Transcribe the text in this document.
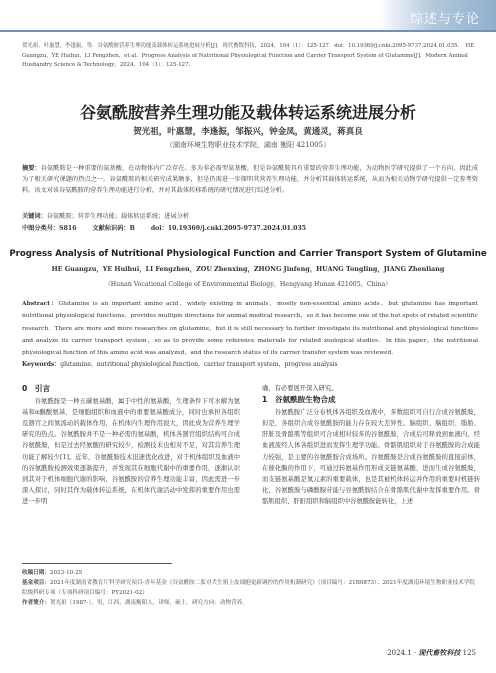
综述与专论
贺光祖，叶惠慧，李逢振，等．谷氨酰胺营养生理功能及载体转运系统进展分析[J]．现代畜牧科技，2024，104（1）：125-127．doi：10.19369/j.cnki.2095-9737.2024.01.035．　HE Guangzu，YE Huihui，LI Fengzhen，et al．Progress Analysis of Nutritional Physiological Function and Carrier Transport System of Glutamine[J]．Modern Animal Husbandry Science & Technology，2024，104（1）：125-127．
谷氨酰胺营养生理功能及载体转运系统进展分析
贺光祖，叶惠慧，李逢振，邹振兴，钟金凤，黄通灵，蒋真良
（湖南环境生物职业技术学院，湖南 衡阳 421005）
摘要：谷氨酰胺是一种重要的氨基酸，在动物体内广泛存在。多为非必需型氨基酸，但是谷氨酰胺具有重要的营养生理功能，为动物医学研究提供了一个方向，因此成为了相关研究课题的热点之一。谷氨酰胺的相关研究成果颇多，但是仍需进一步探明其营养生理功能，并分析其载体转运系统，从而为相关动物学研究提供一定参考资料。该文对该谷氨酰胺的营养生理功能进行分析，并对其载体转移系统的研究情况进行综述分析。
关键词：谷氨酰胺；营养生理功能；载体转运系统；进展分析
中图分类号：S816	文献标识码：B	doi：10.19369/j.cnki.2095-9737.2024.01.035
Progress Analysis of Nutritional Physiological Function and Carrier Transport System of Glutamine
HE Guangzu，YE Huihui，LI Fengzhen，ZOU Zhenxing，ZHONG Jinfeng，HUANG Tongling，JIANG Zhenliang
（Hunan Vocational College of Environmental Biology，Hengyang Hunan 421005，China）
Abstract：Glutamine is an important amino acid，widely existing in animals，mostly non-essential amino acids，but glutamine has important nutritional physiological functions，provides multiple directions for animal medical research，so it has become one of the hot spots of related scientific research．There are more and more researches on glutamine，but it is still necessary to further investigate its nutritional and physiological functions and analyze its carrier transport system，so as to provide some reference materials for related zoological studies．In this paper，the nutritional physiological function of this amino acid was analyzed，and the research status of its carrier transfer system was reviewed．
Keywords：glutamine，nutritional physiological function，carrier transport system，progress analysis
0　引言

谷氨酰胺是一种五碳氨基酸，属于中性的氨基酸，生理条件下可水解为氨基和α酮酸氨基，是细胞组织和血液中的重要氨基酸成分，同时也承担各组织及器官之间氮流动的载体作用，在机体内生理作用很大，因此成为营养生理学研究的热点。谷氨酰胺并不是一种必需的氨基酸，机体各器官组织结构可合成谷氨酰胺，但是过去经氨酸的研究较少，检测技术也相对不足，对其营养生理功能了解较少[1]。近年，谷氨酰胺技术迅速优化改进，对于机体组织及血液中的谷氨酰胺检测效果逐渐提升，并发现其在细胞代谢中的重要作用，逐渐认识到其对于机体细胞代谢的影响，谷氨酰胺的营养生理功能丰富，因此需进一步深入探讨，同时其作为载体转运系统，在机体代谢活动中发挥的重要作用也需进一步明

确，有必要展开深入研究。

1　谷氨酰胺生物合成

谷氨酰胺广泛分布机体各组织及血液中，多数组织可自行合成谷氨酰胺，但是，各组织合成谷氨酰胺的能力存在较大差异性。脑组织、脑组织、脂肪、肝脏及骨骼肌等组织可合成相对较多的谷氨酰胺，合成后可释放到血液内，经血液流经人体各组织进而发挥生理学功能。骨骼肌组织对于谷氨酰胺的合成能力较强，是主要的谷氨酰胺合成场所。谷氨酰胺是合成谷氨酰胺的直接前体，在催化酶的作用下，可通过转氨基作用形成支链氨基酸，进而生成谷氨酰胺，而支链氨基酸是氮元素的重要载体，也是其被机体转运并作用的重要时机链转化，谷氨酰胺与磷酸腺苷能与谷氨酰胺结合在骨骼肌代谢中发挥重要作用。骨骼肌组织、肝脏组织和脑组织中谷氨酰胺能转化，上述

收稿日期：2023-10-25
基金项目：2021年度湖南省教育厅科学研究项目-青年基金《谷氨酰胺二肽对犬生殖上皮细胞更新调控的作用机制研究》（项目编号：21B0873）；2021年度湖南环境生物职业技术学院院级科研专项（专项科研项目编号：PY2021-02）
作者简介：贺光祖（1987-），男，江西，湖南衡阳人，讲师，硕士，研究方向：动物营养。
2024.1 · 现代畜牧科技 125
